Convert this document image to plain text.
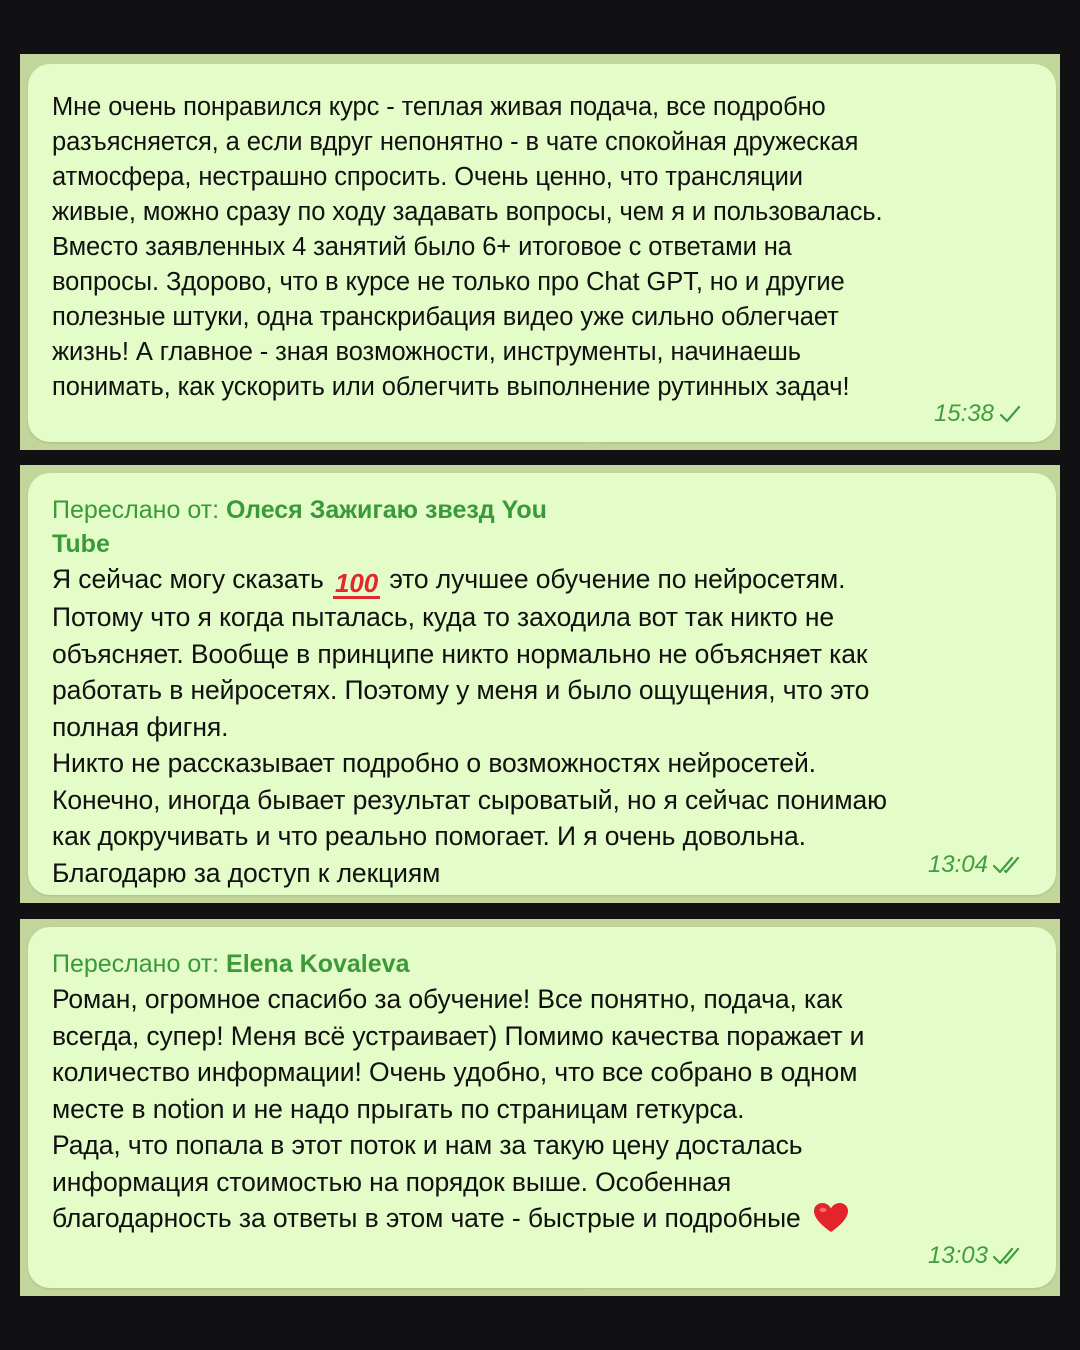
Мне очень понравился курс - теплая живая подача, все подробно
разъясняется, а если вдруг непонятно - в чате спокойная дружеская
атмосфера, нестрашно спросить. Очень ценно, что трансляции
живые, можно сразу по ходу задавать вопросы, чем я и пользовалась.
Вместо заявленных 4 занятий было 6+ итоговое с ответами на
вопросы. Здорово, что в курсе не только про Chat GPT, но и другие
полезные штуки, одна транскрибация видео уже сильно облегчает
жизнь! А главное - зная возможности, инструменты, начинаешь
понимать, как ускорить или облегчить выполнение рутинных задач!

15:38
Переслано от: Олеся Зажигаю звезд You
Tube

Я сейчас могу сказать 100 это лучшее обучение по нейросетям.
Потому что я когда пыталась, куда то заходила вот так никто не
объясняет. Вообще в принципе никто нормально не объясняет как
работать в нейросетях. Поэтому у меня и было ощущения, что это
полная фигня.
Никто не рассказывает подробно о возможностях нейросетей.
Конечно, иногда бывает результат сыроватый, но я сейчас понимаю
как докручивать и что реально помогает. И я очень довольна.
Благодарю за доступ к лекциям	13:04
Переслано от: Elena Kovaleva

Роман, огромное спасибо за обучение! Все понятно, подача, как
всегда, супер! Меня всё устраивает) Помимо качества поражает и
количество информации! Очень удобно, что все собрано в одном
месте в notion и не надо прыгать по страницам геткурса.
Рада, что попала в этот поток и нам за такую цену досталась
информация стоимостью на порядок выше. Особенная
благодарность за ответы в этом чате - быстрые и подробные

13:03
